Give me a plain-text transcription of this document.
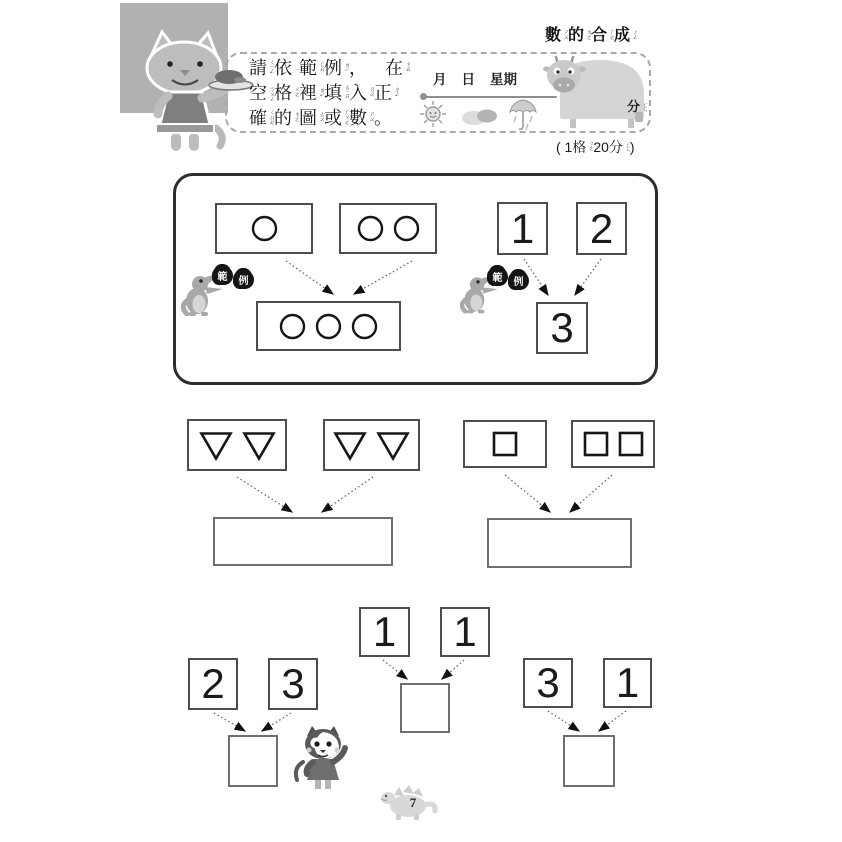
數 ㄕㄨˋ 的 ㄉㄜ˙ 合 ㄏㄜˊ 成 ㄔㄥˊ
請 ㄑㄧㄥˇ 依 ㄧ 範 ㄈㄢˋ 例 ㄌㄧˋ ，
　 在 ㄗㄞˋ
空 ㄎㄨㄥ 格 ㄍㄜˊ 裡 ㄌㄧˇ 填 ㄊㄧㄢˊ 入 ㄖㄨˋ 正 ㄓㄥˋ
確 ㄑㄩㄝˋ 的 ㄉㄜ˙ 圖 ㄊㄨˊ 或 ㄏㄨㄛˋ 數 ㄕㄨˋ 。
月 日 星期
分 ㄈㄣ
( 1 格 ㄍㄜˊ 20 分 ㄈㄣ )
範	例
1 2
3
範	例
1 1
2 3	3 1
7
